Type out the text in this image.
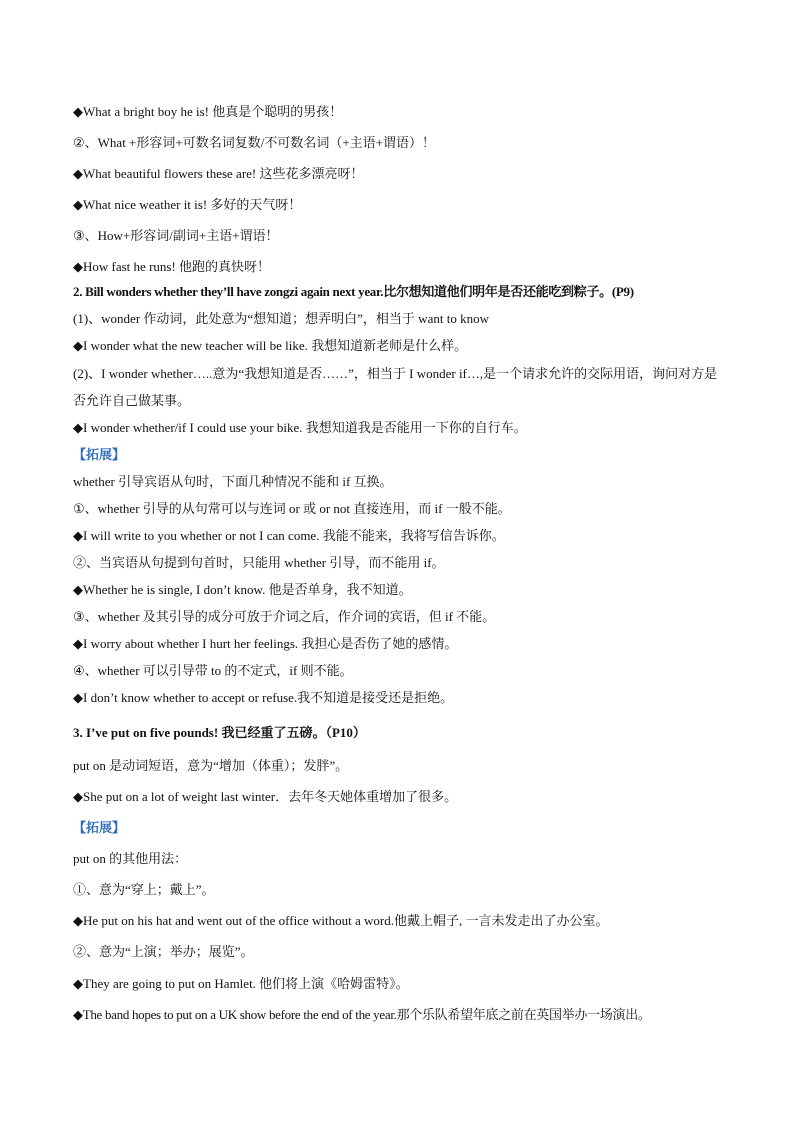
◆What a bright boy he is! 他真是个聪明的男孩！
②、What +形容词+可数名词复数/不可数名词（+主语+谓语）！
◆What beautiful flowers these are! 这些花多漂亮呀！
◆What nice weather it is! 多好的天气呀！
③、How+形容词/副词+主语+谓语！
◆How fast he runs! 他跑的真快呀！
2. Bill wonders whether they’ll have zongzi again next year.比尔想知道他们明年是否还能吃到粽子。(P9)
(1)、wonder 作动词，此处意为“想知道；想弄明白”，相当于 want to know
◆I wonder what the new teacher will be like. 我想知道新老师是什么样。
(2)、I wonder whether…..意为“我想知道是否……”，相当于 I wonder if…,是一个请求允许的交际用语，询问对方是否允许自己做某事。
◆I wonder whether/if I could use your bike. 我想知道我是否能用一下你的自行车。
【拓展】
whether 引导宾语从句时，下面几种情况不能和 if 互换。
①、whether 引导的从句常可以与连词 or 或 or not 直接连用，而 if 一般不能。
◆I will write to you whether or not I can come. 我能不能来，我将写信告诉你。
②、当宾语从句提到句首时，只能用 whether 引导，而不能用 if。
◆Whether he is single, I don’t know. 他是否单身，我不知道。
③、whether 及其引导的成分可放于介词之后，作介词的宾语，但 if 不能。
◆I worry about whether I hurt her feelings. 我担心是否伤了她的感情。
④、whether 可以引导带 to 的不定式，if 则不能。
◆I don’t know whether to accept or refuse.我不知道是接受还是拒绝。
3. I’ve put on five pounds! 我已经重了五磅。（P10）
put on 是动词短语，意为“增加（体重）；发胖”。
◆She put on a lot of weight last winter．去年冬天她体重增加了很多。
【拓展】
put on 的其他用法：
①、意为“穿上；戴上”。
◆He put on his hat and went out of the office without a word.他戴上帽子, 一言未发走出了办公室。
②、意为“上演；举办；展览”。
◆They are going to put on Hamlet. 他们将上演《哈姆雷特》。
◆The band hopes to put on a UK show before the end of the year.那个乐队希望年底之前在英国举办一场演出。
